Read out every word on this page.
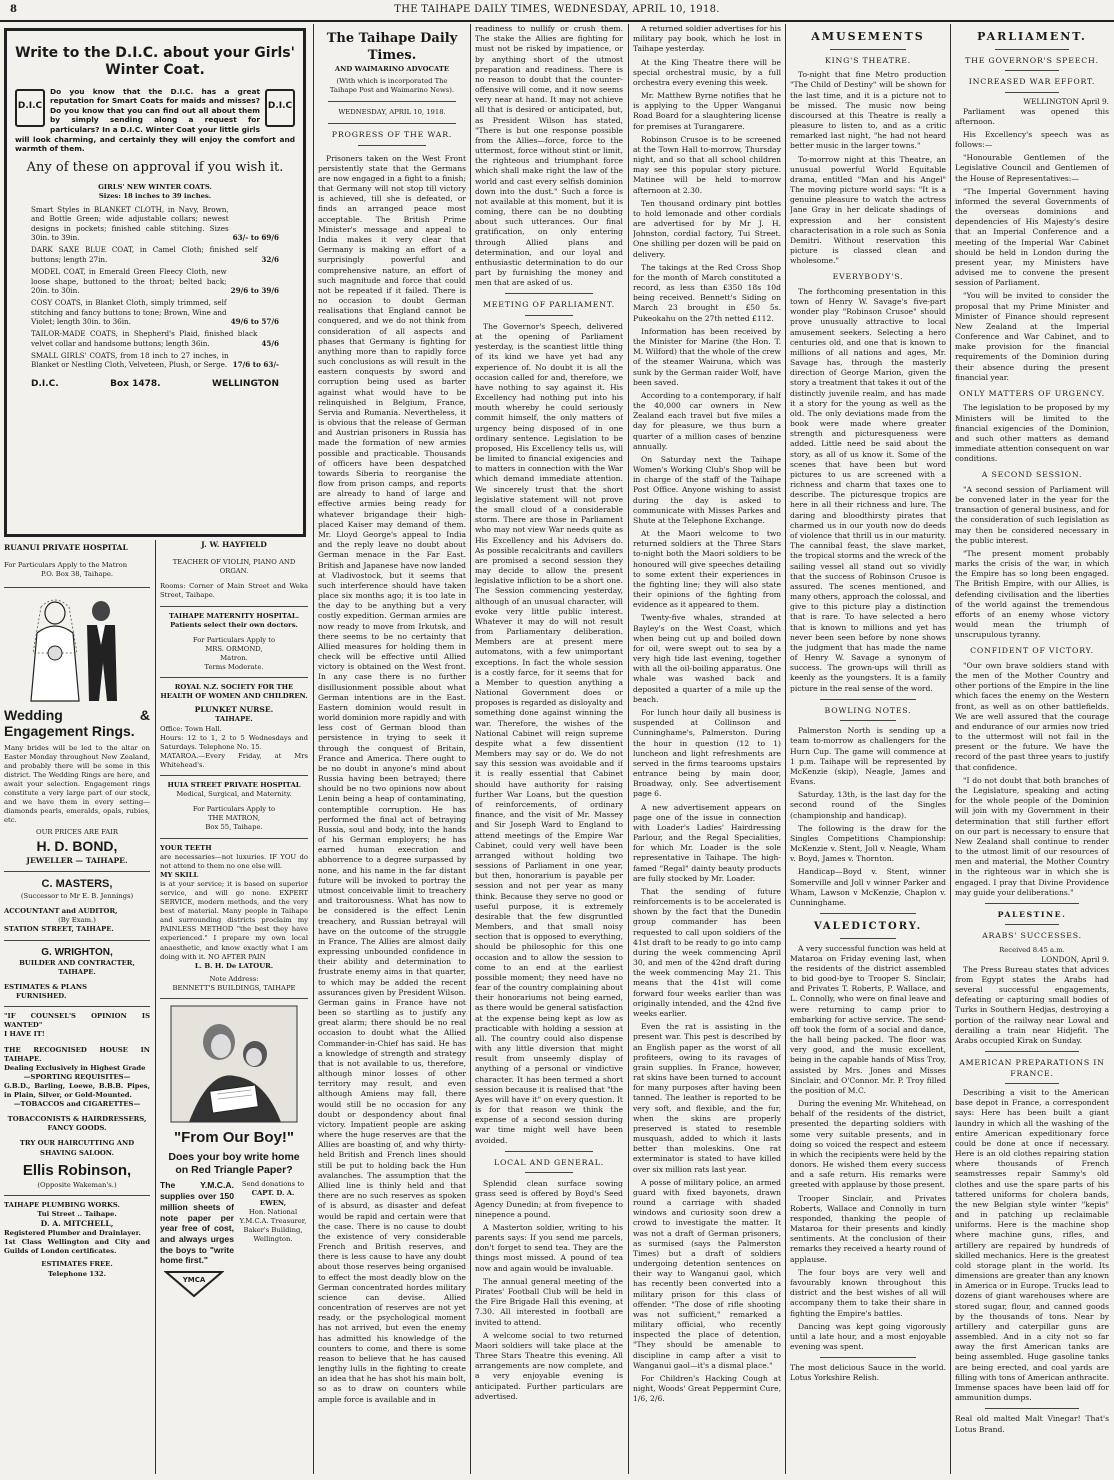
8	THE TAIHAPE DAILY TIMES, WEDNESDAY, APRIL 10, 1918.
Write to the D.I.C. about your Girls' Winter Coat.
D.I.C	D.I.C
Do you know that the D.I.C. has a great reputation for Smart Coats for maids and misses? Do you know that you can find out all about them by simply sending along a request for particulars? In a D.I.C. Winter Coat your little girls will look charming, and certainly they will enjoy the comfort and warmth of them.
Any of these on approval if you wish it.
GIRLS' NEW WINTER COATS.
Sizes: 18 inches to 39 inches.
Smart Styles in BLANKET CLOTH, in Navy, Brown, and Bottle Green; wide adjustable collars; newest designs in pockets; finished cable stitching. Sizes 30in. to 39in.	63/- to 69/6
DARK SAXE BLUE COAT, in Camel Cloth; finished self buttons; length 27in.	32/6
MODEL COAT, in Emerald Green Fleecy Cloth, new loose shape, buttoned to the throat; belted back; 20in. to 30in.	29/6 to 39/6
COSY COATS, in Blanket Cloth, simply trimmed, self stitching and fancy buttons to tone; Brown, Wine and Violet; length 30in. to 36in.	49/6 to 57/6
TAILOR-MADE COATS, in Shepherd's Plaid, finished black velvet collar and handsome buttons; length 36in.	45/6
SMALL GIRLS' COATS, from 18 inch to 27 inches, in Blanket or Nestling Cloth, Velveteen, Plush, or Serge. 17/6 to 63/-
D.I.C.	Box 1478.	WELLINGTON
RUANUI PRIVATE HOSPITAL
For Particulars Apply to the Matron
P.O. Box 38, Taihape.
Wedding & Engagement Rings.

Many brides will be led to the altar on Easter Monday throughout New Zealand, and probably there will be some in this district. The Wedding Rings are here, and await your selection. Engagement rings constitute a very large part of our stock, and we have them in every setting—diamonds pearls, emeralds, opals, rubies, etc.

OUR PRICES ARE FAIR
H. D. BOND,
JEWELLER — TAIHAPE.
C. MASTERS,
(Successor to Mr E. B. Jennings)
ACCOUNTANT and AUDITOR,
(By Exam.)
STATION STREET, TAIHAPE.
G. WRIGHTON,
BUILDER AND CONTRACTER,
TAIHAPE.
ESTIMATES & PLANS
FURNISHED.
"IF COUNSEL'S OPINION IS WANTED"
I HAVE IT!
THE RECOGNISED HOUSE IN TAIHAPE.
Dealing Exclusively in Highest Grade
—SPORTING REQUISITES—
G.B.D., Barling, Loewe, B.B.B. Pipes, in Plain, Silver, or Gold-Mounted.
—TOBACCOS and CIGARETTES—
TOBACCONISTS & HAIRDRESSERS, FANCY GOODS.
TRY OUR HAIRCUTTING AND SHAVING SALOON.
Ellis Robinson,
(Opposite Wakeman's.)
TAIHAPE PLUMBING WORKS.
Tui Street .. Taihape.
D. A. MITCHELL,
Registered Plumber and Drainlayer.
1st Class Wellington and City and Guilds of London certificates.
ESTIMATES FREE.
Telephone 132.
J. W. HAYFIELD
TEACHER OF VIOLIN, PIANO AND ORGAN.
Rooms: Corner of Main Street and Weka Street, Taihape.
TAIHAPE MATERNITY HOSPITAL.
Patients select their own doctors.
For Particulars Apply to
MRS. ORMOND,
Matron.
Terms Moderate.
ROYAL N.Z. SOCIETY FOR THE HEALTH OF WOMEN AND CHILDREN.
PLUNKET NURSE.
TAIHAPE.
Office: Town Hall.
Hours: 12 to 1, 2 to 5 Wednesdays and Saturdays. Telephone No. 15.
MATAROA.—Every Friday, at Mrs Whitehead's.
HUIA STREET PRIVATE HOSPITAL
Medical, Surgical, and Maternity.
For Particulars Apply to
THE MATRON,
Box 55, Taihape.
YOUR TEETH
are necessaries—not luxuries. IF YOU do not attend to them no one else will.
MY SKILL
is at your service; it is based on superior service, and will go none. EXPERT SERVICE, modern methods, and the very best of material. Many people in Taihape and surrounding districts proclaim my PAINLESS METHOD "the best they have experienced." I prepare my own local anaesthetic, and know exactly what I am doing with it. NO AFTER PAIN
L. B. H. De LATOUR.
Note Address:
BENNETT'S BUILDINGS, TAIHAPE
"From Our Boy!"
Does your boy write home on Red Triangle Paper?
The Y.M.C.A. supplies over 150 million sheets of note paper per year free of cost, and always urges the boys to "write home first."
Send donations to
CAPT. D. A. EWEN,
Hon. National Y.M.C.A. Treasurer, Baker's Building, Wellington.
YMCA
The Taihape Daily Times.
AND WAIMARINO ADVOCATE
(With which is incorporated The Taihape Post and Waimarino News).
WEDNESDAY, APRIL 10, 1918.
PROGRESS OF THE WAR.

Prisoners taken on the West Front persistently state that the Germans are now engaged in a fight to a finish; that Germany will not stop till victory is achieved, till she is defeated, or finds an arranged peace most acceptable. The British Prime Minister's message and appeal to India makes it very clear that Germany is making an effort of a surprisingly powerful and comprehensive nature, an effort of such magnitude and force that could not be repeated if it failed. There is no occasion to doubt German realisations that England cannot be conquered, and we do not think from consideration of all aspects and phases that Germany is fighting for anything more than to rapidly force such conclusions as will result in the eastern conquests by sword and corruption being used as barter against what would have to be relinquished in Belgium, France, Servia and Rumania. Nevertheless, it is obvious that the release of German and Austrian prisoners in Russia has made the formation of new armies possible and practicable. Thousands of officers have been despatched towards Siberia to reorganise the flow from prison camps, and reports are already to hand of large and effective armies being ready for whatever brigandage their high-placed Kaiser may demand of them. Mr. Lloyd George's appeal to India and the reply leave no doubt about German menace in the Far East. British and Japanese have now landed at Vladivostock, but it seems that such interference should have taken place six months ago; it is too late in the day to be anything but a very costly expedition. German armies are now ready to move from Irkutsk, and there seems to be no certainty that Allied measures for holding them in check will be effective until Allied victory is obtained on the West front. In any case there is no further disillusionment possible about what German intentions are in the East. Eastern dominion would result in world dominion more rapidly and with less cost of German blood than persistence in trying to seek it through the conquest of Britain, France and America. There ought to be no doubt in anyone's mind about Russia having been betrayed; there should be no two opinions now about Lenin being a heap of contaminating, contemptible corruption. He has performed the final act of betraying Russia, soul and body, into the hands of his German employers; he has earned human execration and abhorrence to a degree surpassed by none, and his name in the far distant future will be invoked to portray the utmost conceivable limit to treachery and traitorousness. What has now to be considered is the effect Lenin treachery, and Russian betrayal will have on the outcome of the struggle in France. The Allies are almost daily expressing unbounded confidence in their ability and determination to frustrate enemy aims in that quarter, to which may be added the recent assurances given by President Wilson. German gains in France have not been so startling as to justify any great alarm; there should be no real occasion to doubt what the Allied Commander-in-Chief has said. He has a knowledge of strength and strategy that is not available to us, therefore, although minor losses of other territory may result, and even although Amiens may fall, there would still be no occasion for any doubt or despondency about final victory. Impatient people are asking where the huge reserves are that the Allies are boasting of, and why thirty-held British and French lines should still be put to holding back the Hun avalanches. The assumption that the Allied line is thinly held and that there are no such reserves as spoken of is absurd, as disaster and defeat would be rapid and certain were that the case. There is no cause to doubt the existence of very considerable French and British reserves, and there is less cause to have any doubt about those reserves being organised to effect the most deadly blow on the German concentrated hordes military science can devise. Allied concentration of reserves are not yet ready, or the psychological moment has not arrived, but even the enemy has admitted his knowledge of the counters to come, and there is some reason to believe that he has caused lengthy lulls in the fighting to create an idea that he has shot his main bolt, so as to draw on counters while ample force is available and in

readiness to nullify or crush them. The stake the Allies are fighting for must not be risked by impatience, or by anything short of the utmost preparation and readiness. There is no reason to doubt that the counter-offensive will come, and it now seems very near at hand. It may not achieve all that is desired or anticipated, but, as President Wilson has stated, "There is but one response possible from the Allies—force, force to the uttermost, force without stint or limit, the righteous and triumphant force which shall make right the law of the world and cast every selfish dominion down into the dust." Such a force is not available at this moment, but it is coming, there can be no doubting about such utterances. Our final gratification, on only entering through Allied plans and determination, and our loyal and enthusiastic determination to do our part by furnishing the money and men that are asked of us.

MEETING OF PARLIAMENT.

The Governor's Speech, delivered at the opening of Parliament yesterday, is the scantiest little thing of its kind we have yet had any experience of. No doubt it is all the occasion called for and, therefore, we have nothing to say against it. His Excellency had nothing put into his mouth whereby he could seriously commit himself, the only matters of urgency being disposed of in one ordinary sentence. Legislation to be proposed, His Excellency tells us, will be limited to financial exigencies and to matters in connection with the War which demand immediate attention. We sincerely trust that the short legislative statement will not prove the small cloud of a considerable storm. There are those in Parliament who may not view War needs quite as His Excellency and his Advisers do. As possible recalcitrants and cavillers are promised a second session they may decide to allow the present legislative infliction to be a short one. The Session commencing yesterday, although of an unusual character, will evoke very little public interest. Whatever it may do will not result from Parliamentary deliberation. Members are at present mere automatons, with a few unimportant exceptions. In fact the whole session is a costly farce, for it seems that for a Member to question anything a National Government does or proposes is regarded as disloyalty and something done against winning the war. Therefore, the wishes of the National Cabinet will reign supreme despite what a few dissentient Members may say or do. We do not say this session was avoidable and if it is really essential that Cabinet should have authority for raising further War Loans, but the question of reinforcements, of ordinary finance, and the visit of Mr. Massey and Sir Joseph Ward to England to attend meetings of the Empire War Cabinet, could very well have been arranged without holding two sessions of Parliament in one year, but then, honorarium is payable per session and not per year as many think. Because they serve no good or useful purpose, it is extremely desirable that the few disgruntled Members, and that small noisy section that is opposed to everything, should be philosophic for this one occasion and to allow the session to come to an end at the earliest possible moment; they need have no fear of the country complaining about their honorariums not being earned, as there would be general satisfaction at the expense being kept as low as practicable with holding a session at all. The country could also dispense with any little diversion that might result from unseemly display of anything of a personal or vindictive character. It has been termed a short session because it is realised that "the Ayes will have it" on every question. It is for that reason we think the expense of a second session during war time might well have been avoided.

LOCAL AND GENERAL.

Splendid clean surface sowing grass seed is offered by Boyd's Seed Agency Dunedin; at from fivepence to ninepence a pound.

A Masterton soldier, writing to his parents says: If you send me parcels, don't forget to send tea. They are the things most missed. A pound of tea now and again would be invaluable.

The annual general meeting of the Pirates' Football Club will be held in the Fire Brigade Hall this evening, at 7.30. All interested in football are invited to attend.

A welcome social to two returned Maori soldiers will take place at the Three Stars Theatre this evening. All arrangements are now complete, and a very enjoyable evening is anticipated. Further particulars are advertised.

A returned soldier advertises for his military pay book, which he lost in Taihape yesterday.

At the King Theatre there will be special orchestral music, by a full orchestra every evening this week.

Mr. Matthew Byrne notifies that he is applying to the Upper Wanganui Road Board for a slaughtering license for premises at Turangarere.

Robinson Crusoe is to be screened at the Town Hall to-morrow, Thursday night, and so that all school children may see this popular story picture. Matinee will be held to-morrow afternoon at 2.30.

Ten thousand ordinary pint bottles to hold lemonade and other cordials are advertised for by Mr J. H. Johnston, cordial factory, Tui Street. One shilling per dozen will be paid on delivery.

The takings at the Red Cross Shop for the month of March constituted a record, as less than £350 18s 10d being received. Bennett's Siding on March 23 brought in £50 5s. Pukeokahu on the 27th netted £112.

Information has been received by the Minister for Marine (the Hon. T. M. Wilford) that the whole of the crew of the steamer Wairuna, which was sunk by the German raider Wolf, have been saved.

According to a contemporary, if half the 40,000 car owners in New Zealand each travel but five miles a day for pleasure, we thus burn a quarter of a million cases of benzine annually.

On Saturday next the Taihape Women's Working Club's Shop will be in charge of the staff of the Taihape Post Office. Anyone wishing to assist during the day is asked to communicate with Misses Parkes and Shute at the Telephone Exchange.

At the Maori welcome to two returned soldiers at the Three Stars to-night both the Maori soldiers to be honoured will give speeches detailing to some extent their experiences in the fighting line; they will also state their opinions of the fighting from evidence as it appeared to them.

Twenty-five whales, stranded at Bayley's on the West Coast, which when being cut up and boiled down for oil, were swept out to sea by a very high tide last evening, together with all the oil-boiling apparatus. One whale was washed back and deposited a quarter of a mile up the beach.

For lunch hour daily all business is suspended at Collinson and Cunninghame's, Palmerston. During the hour in question (12 to 1) luncheon and light refreshments are served in the firms tearooms upstairs entrance being by main door, Broadway, only. See advertisement page 6.

A new advertisement appears on page one of the issue in connection with Loader's Ladies' Hairdressing Parlour, and the Regal Specialities, for which Mr. Loader is the sole representative in Taihape. The high-famed "Regal" dainty beauty products are fully stocked by Mr. Loader.

That the sending of future reinforcements is to be accelerated is shown by the fact that the Dunedin group commander has been requested to call upon soldiers of the 41st draft to be ready to go into camp during the week commencing April 30, and men of the 42nd draft during the week commencing May 21. This means that the 41st will come forward four weeks earlier than was originally intended, and the 42nd five weeks earlier.

Even the rat is assisting in the present war. This pest is described by an English paper as the worst of all profiteers, owing to its ravages of grain supplies. In France, however, rat skins have been turned to account for many purposes after having been tanned. The leather is reported to be very soft, and flexible, and the fur, when the skins are properly preserved is stated to resemble musquash, added to which it lasts better than moleskins. One rat exterminator is stated to have killed over six million rats last year.

A posse of military police, an armed guard with fixed bayonets, drawn round a carriage with shaded windows and curiosity soon drew a crowd to investigate the matter. It was not a draft of German prisoners, as surmised (says the Palmerston Times) but a draft of soldiers undergoing detention sentences on their way to Wanganui gaol, which has recently been converted into a military prison for this class of offender. "The dose of rifle shooting was not sufficient," remarked a military official, who recently inspected the place of detention, "They should be amenable to discipline in camp after a visit to Wanganui gaol—it's a dismal place."

For Children's Hacking Cough at night, Woods' Great Peppermint Cure, 1/6, 2/6.

AMUSEMENTS
KING'S THEATRE.

To-night that fine Metro production "The Child of Destiny" will be shown for the last time, and it is a picture not to be missed. The music now being discoursed at this Theatre is really a pleasure to listen to, and as a critic remarked last night, "he had not heard better music in the larger towns."

To-morrow night at this Theatre, an unusual powerful World Equitable drama, entitled "Man and his Angel" The moving picture world says: "It is a genuine pleasure to watch the actress Jane Gray in her delicate shadings of expression and her consistent characterisation in a role such as Sonia Demitri. Without reservation this picture is classed clean and wholesome."

EVERYBODY'S.

The forthcoming presentation in this town of Henry W. Savage's five-part wonder play "Robinson Crusoe" should prove unusually attractive to local amusement seekers. Selecting a hero centuries old, and one that is known to millions of all nations and ages, Mr. Savage has, through the masterly direction of George Marion, given the story a treatment that takes it out of the distinctly juvenile realm, and has made it a story for the young as well as the old. The only deviations made from the book were made where greater strength and picturesqueness were added. Little need be said about the story, as all of us know it. Some of the scenes that have been but word pictures to us are screened with a richness and charm that taxes one to describe. The picturesque tropics are here in all their richness and lure. The daring and bloodthirsty pirates that charmed us in our youth now do deeds of violence that thrill us in our maturity. The cannibal feast, the slave market, the tropical storms and the wreck of the sailing vessel all stand out so vividly that the success of Robinson Crusoe is assured. The scenes mentioned, and many others, approach the colossal, and give to this picture play a distinction that is rare. To have selected a hero that is known to millions and yet has never been seen before by none shows the judgment that has made the name of Henry W. Savage a synonym of success. The grown-ups will thrill as keenly as the youngsters. It is a family picture in the real sense of the word.

BOWLING NOTES.

Palmerston North is sending up a team to-morrow as challengers for the Hurn Cup. The game will commence at 1 p.m. Taihape will be represented by McKenzie (skip), Neagle, James and Evans.

Saturday, 13th, is the last day for the second round of the Singles (championship and handicap).

The following is the draw for the Singles Competitions Championship: McKenzie v. Stent, Joll v. Neagle, Wham v. Boyd, James v. Thornton.

Handicap—Boyd v. Stent, winner Somerville and Joll v winner Parker and Wham, Lawson v McKenzie, Chaplon v. Cunninghame.

VALEDICTORY.

A very successful function was held at Mataroa on Friday evening last, when the residents of the district assembled to bid good-bye to Trooper S. Sinclair, and Privates T. Roberts, P. Wallace, and L. Connolly, who were on final leave and were returning to camp prior to embarking for active service. The send-off took the form of a social and dance, the hall being packed. The floor was very good, and the music excellent, being in the capable hands of Miss Troy, assisted by Mrs. Jones and Misses Sinclair, and O'Connor. Mr. P. Troy filled the position of M.C.

During the evening Mr. Whitehead, on behalf of the residents of the district, presented the departing soldiers with some very suitable presents, and in doing so voiced the respect and esteem in which the recipients were held by the donors. He wished them every success and a safe return. His remarks were greeted with applause by those present.

Trooper Sinclair, and Privates Roberts, Wallace and Connolly in turn responded, thanking the people of Mataroa for their presents and kindly sentiments. At the conclusion of their remarks they received a hearty round of applause.

The four boys are very well and favourably known throughout this district and the best wishes of all will accompany them to take their share in fighting the Empire's battles.

Dancing was kept going vigorously until a late hour, and a most enjoyable evening was spent.

The most delicious Sauce in the world. Lotus Yorkshire Relish.

PARLIAMENT.
THE GOVERNOR'S SPEECH.
INCREASED WAR EFFORT.
WELLINGTON April 9.

Parliament was opened this afternoon.

His Excellency's speech was as follows:—

"Honourable Gentlemen of the Legislative Council and Gentlemen of the House of Representatives:—

"The Imperial Government having informed the several Governments of the overseas dominions and dependencies of His Majesty's desire that an Imperial Conference and a meeting of the Imperial War Cabinet should be held in London during the present year, my Ministers have advised me to convene the present session of Parliament.

"You will be invited to consider the proposal that my Prime Minister and Minister of Finance should represent New Zealand at the Imperial Conference and War Cabinet, and to make provision for the financial requirements of the Dominion during their absence during the present financial year.

ONLY MATTERS OF URGENCY.

The legislation to be proposed by my Ministers will be limited to the financial exigencies of the Dominion, and such other matters as demand immediate attention consequent on war conditions.

A SECOND SESSION.

"A second session of Parliament will be convened later in the year for the transaction of general business, and for the consideration of such legislation as may then be considered necessary in the public interest.

"The present moment probably marks the crisis of the war, in which the Empire has so long been engaged. The British Empire, with our Allies, is defending civilisation and the liberties of the world against the tremendous efforts of an enemy whose victory would mean the triumph of unscrupulous tyranny.

CONFIDENT OF VICTORY.

"Our own brave soldiers stand with the men of the Mother Country and other portions of the Empire in the line which faces the enemy on the Western front, as well as on other battlefields. We are well assured that the courage and endurance of our armies now tried to the uttermost will not fail in the present or the future. We have the record of the past three years to justify that confidence.

"I do not doubt that both branches of the Legislature, speaking and acting for the whole people of the Dominion will join with my Government in their determination that still further effort on our part is necessary to ensure that New Zealand shall continue to render to the utmost limit of our resources of men and material, the Mother Country in the righteous war in which she is engaged. I pray that Divine Providence may guide your deliberations."

PALESTINE.
ARABS' SUCCESSES.
Received 8.45 a.m.
LONDON, April 9.

The Press Bureau states that advices from Egypt states the Arabs had several successful engagements, defeating or capturing small bodies of Turks in Southern Hedjas, destroying a portion of the railway near Lowal and derailing a train near Hidjefit. The Arabs occupied Kirak on Sunday.

AMERICAN PREPARATIONS IN FRANCE.

Describing a visit to the American base depot in France, a correspondent says: Here has been built a giant laundry in which all the washing of the entire American expeditionary force could be done at once if necessary. Here is an old clothes repairing station where thousands of French seamstresses repair Sammy's old clothes and use the spare parts of his tattered uniforms for cholera bands, the new Belgian style winter "kepis" and in patching up reclaimable uniforms. Here is the machine shop where machine guns, rifles, and artillery are repaired by hundreds of skilled mechanics. Here is the greatest cold storage plant in the world. Its dimensions are greater than any known in America or in Europe. Trucks lead to dozens of giant warehouses where are stored sugar, flour, and canned goods by the thousands of tons. Near by artillery and caterpillar guns are assembled. And in a city not so far away the first American tanks are being assembled. Huge gasoline tanks are being erected, and coal yards are filling with tons of American anthracite. Immense spaces have been laid off for ammunition dumps.

Real old malted Malt Vinegar! That's Lotus Brand.
